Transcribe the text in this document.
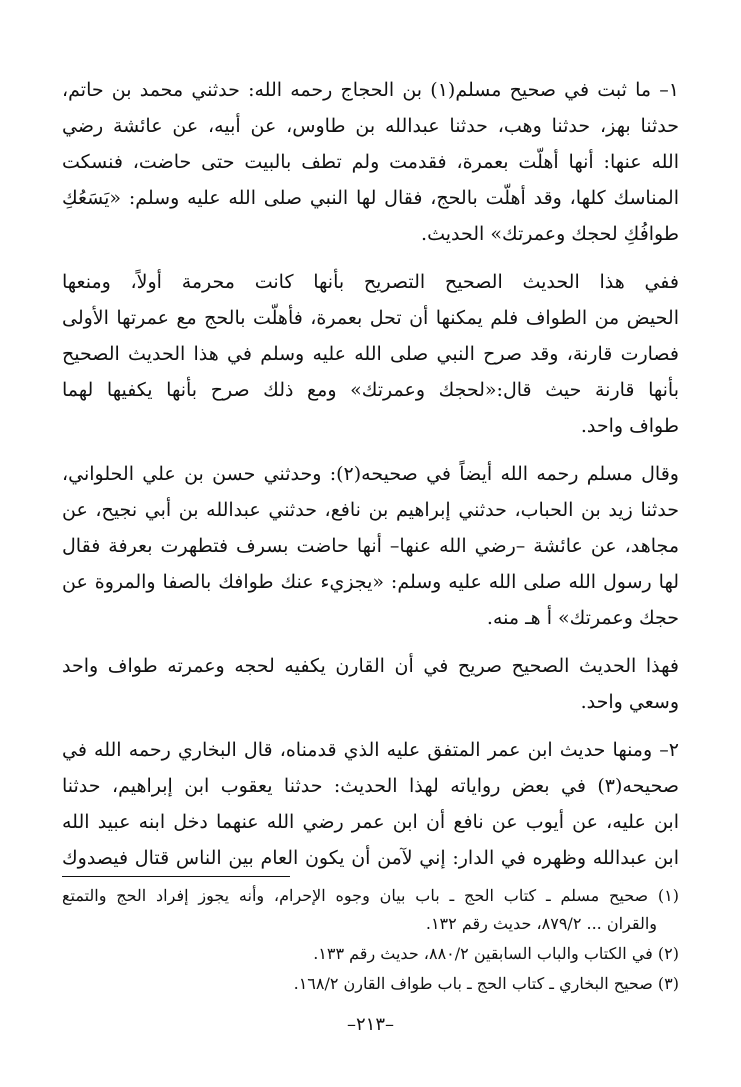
١– ما ثبت في صحيح مسلم(١) بن الحجاج رحمه الله: حدثني محمد بن حاتم،
حدثنا بهز، حدثنا وهب، حدثنا عبدالله بن طاوس، عن أبيه، عن عائشة رضي
الله عنها: أنها أهلّت بعمرة، فقدمت ولم تطف بالبيت حتى حاضت، فنسكت
المناسك كلها، وقد أهلّت بالحج، فقال لها النبي صلى الله عليه وسلم: «يَسَعُكِ
طوافُكِ لحجك وعمرتك» الحديث.

ففي هذا الحديث الصحيح التصريح بأنها كانت محرمة أولاً، ومنعها
الحيض من الطواف فلم يمكنها أن تحل بعمرة، فأهلّت بالحج مع عمرتها الأولى
فصارت قارنة، وقد صرح النبي صلى الله عليه وسلم في هذا الحديث الصحيح
بأنها قارنة حيث قال:«لحجك وعمرتك» ومع ذلك صرح بأنها يكفيها لهما
طواف واحد.

وقال مسلم رحمه الله أيضاً في صحيحه(٢): وحدثني حسن بن علي الحلواني،
حدثنا زيد بن الحباب، حدثني إبراهيم بن نافع، حدثني عبدالله بن أبي نجيح، عن
مجاهد، عن عائشة –رضي الله عنها– أنها حاضت بسرف فتطهرت بعرفة فقال
لها رسول الله صلى الله عليه وسلم: «يجزيء عنك طوافك بالصفا والمروة عن
حجك وعمرتك» أ هـ منه.

فهذا الحديث الصحيح صريح في أن القارن يكفيه لحجه وعمرته طواف واحد
وسعي واحد.

٢– ومنها حديث ابن عمر المتفق عليه الذي قدمناه، قال البخاري رحمه الله في
صحيحه(٣) في بعض رواياته لهذا الحديث: حدثنا يعقوب ابن إبراهيم، حدثنا
ابن عليه، عن أيوب عن نافع أن ابن عمر رضي الله عنهما دخل ابنه عبيد الله
ابن عبدالله وظهره في الدار: إني لآمن أن يكون العام بين الناس قتال فيصدوك

(١) صحيح مسلم ـ كتاب الحج ـ باب بيان وجوه الإحرام، وأنه يجوز إفراد الحج والتمتع
والقران ... ٨٧٩/٢، حديث رقم ١٣٢.

(٢) في الكتاب والباب السابقين ٨٨٠/٢، حديث رقم ١٣٣.

(٣) صحيح البخاري ـ كتاب الحج ـ باب طواف القارن ١٦٨/٢.

–٢١٣–
